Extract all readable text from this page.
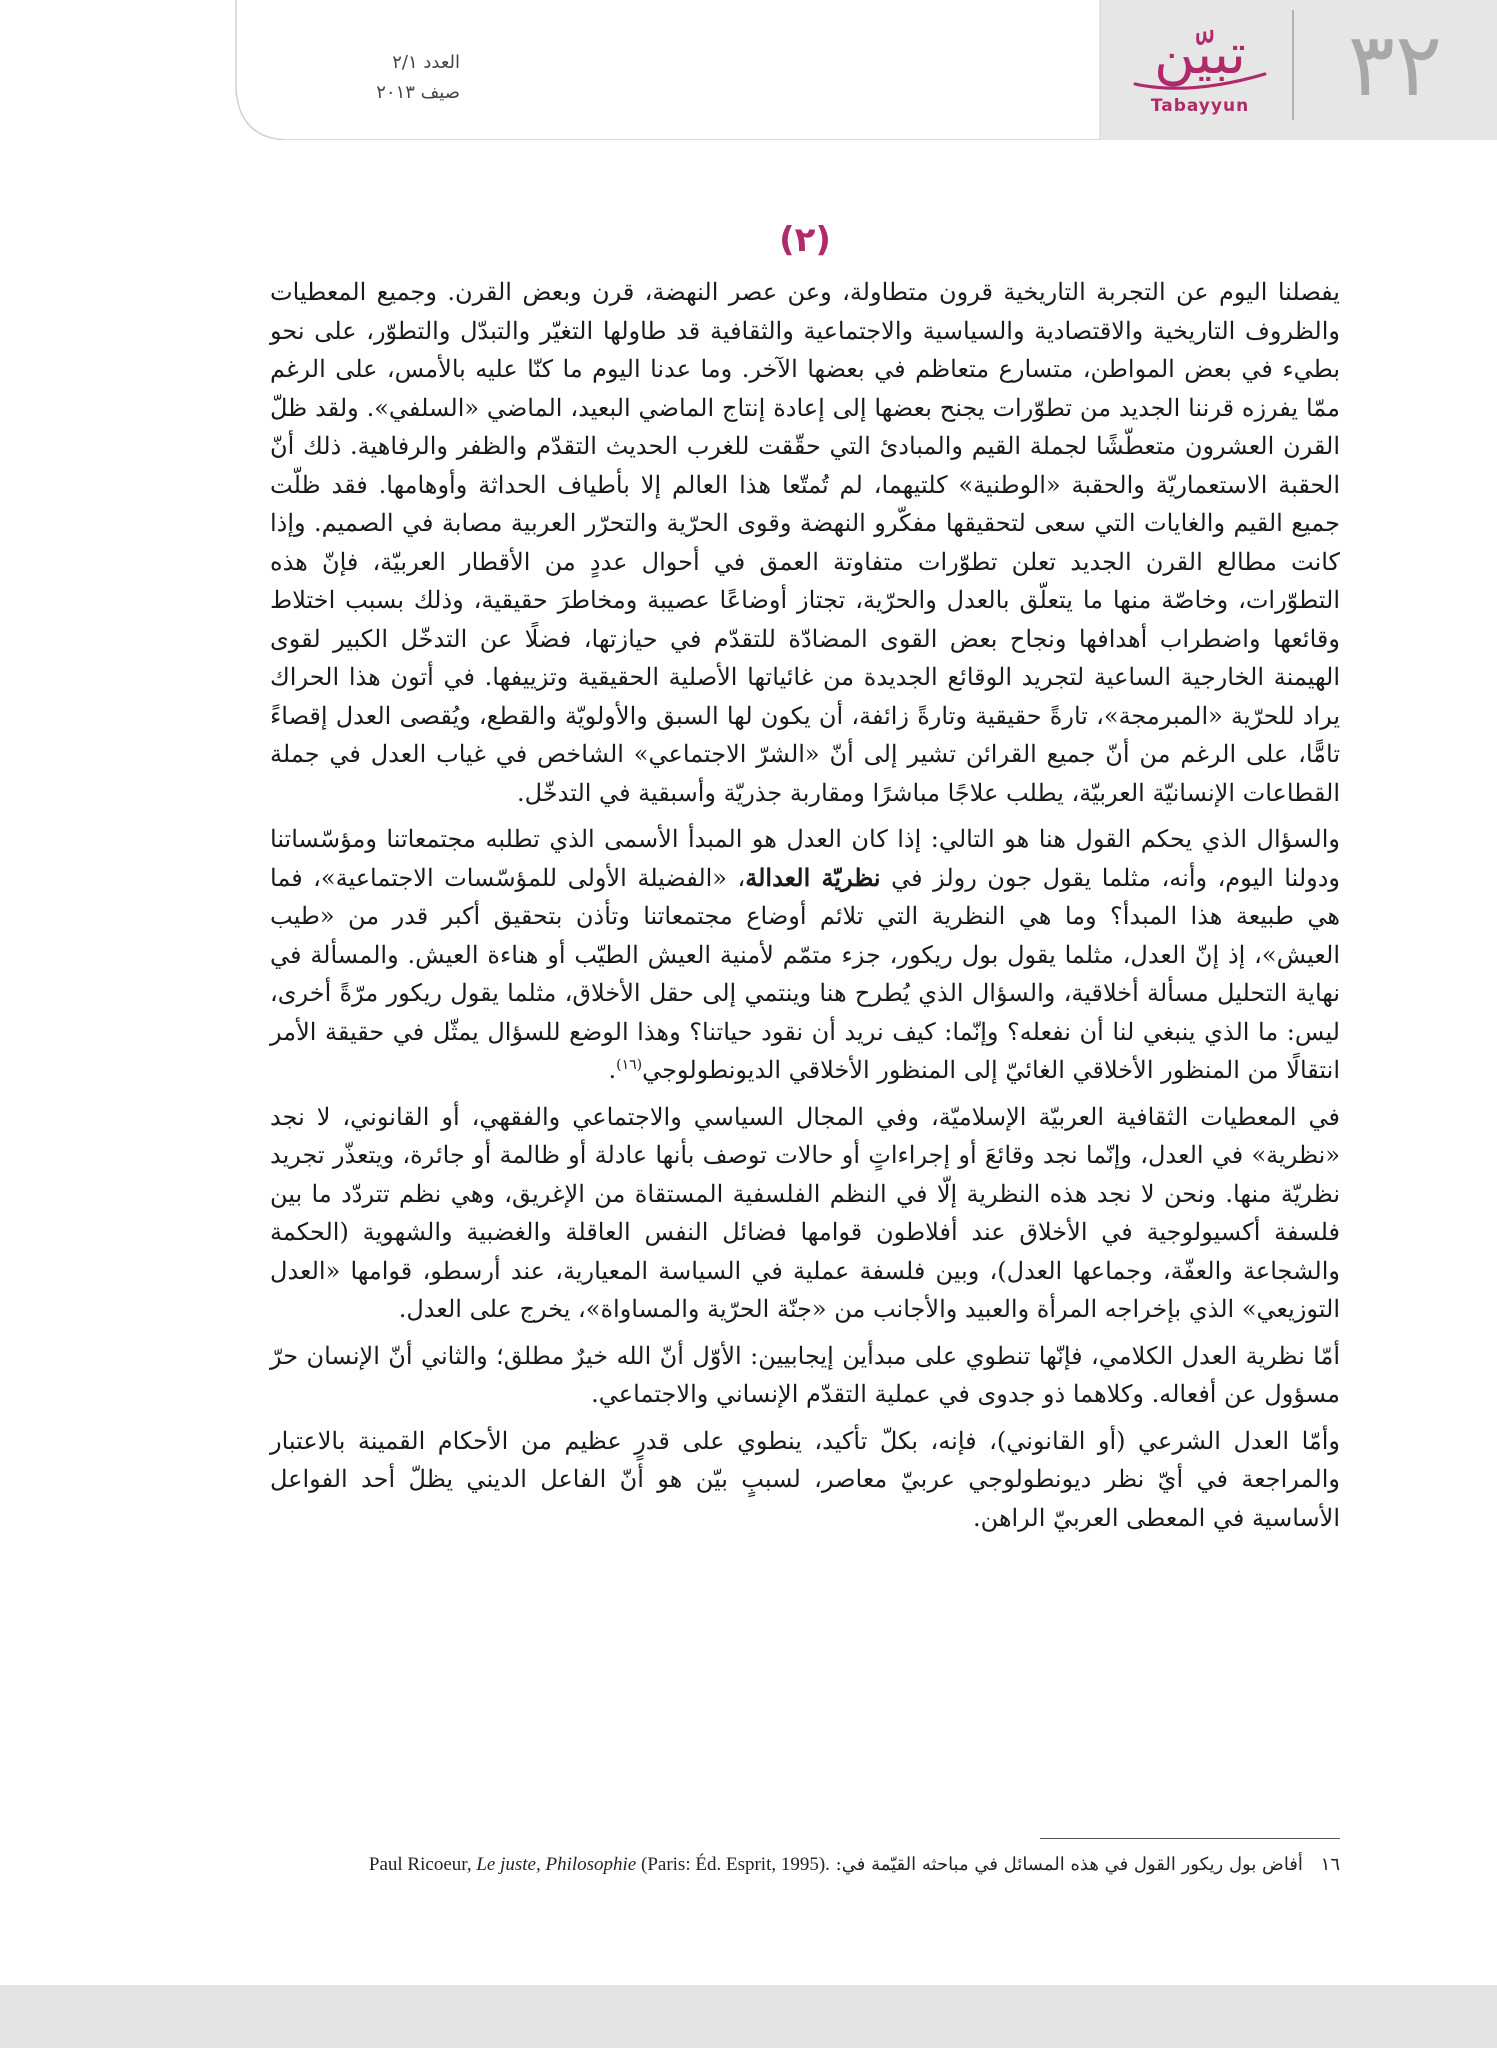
٣٢
تبيّن
Tabayyun
العدد ٢/١
صيف ٢٠١٣
(٢)

يفصلنا اليوم عن التجربة التاريخية قرون متطاولة، وعن عصر النهضة، قرن وبعض القرن. وجميع المعطيات والظروف التاريخية والاقتصادية والسياسية والاجتماعية والثقافية قد طاولها التغيّر والتبدّل والتطوّر، على نحو بطيء في بعض المواطن، متسارع متعاظم في بعضها الآخر. وما عدنا اليوم ما كنّا عليه بالأمس، على الرغم ممّا يفرزه قرننا الجديد من تطوّرات يجنح بعضها إلى إعادة إنتاج الماضي البعيد، الماضي «السلفي». ولقد ظلّ القرن العشرون متعطّشًا لجملة القيم والمبادئ التي حقّقت للغرب الحديث التقدّم والظفر والرفاهية. ذلك أنّ الحقبة الاستعماريّة والحقبة «الوطنية» كلتيهما، لم تُمتّعا هذا العالم إلا بأطياف الحداثة وأوهامها. فقد ظلّت جميع القيم والغايات التي سعى لتحقيقها مفكّرو النهضة وقوى الحرّية والتحرّر العربية مصابة في الصميم. وإذا كانت مطالع القرن الجديد تعلن تطوّرات متفاوتة العمق في أحوال عددٍ من الأقطار العربيّة، فإنّ هذه التطوّرات، وخاصّة منها ما يتعلّق بالعدل والحرّية، تجتاز أوضاعًا عصيبة ومخاطرَ حقيقية، وذلك بسبب اختلاط وقائعها واضطراب أهدافها ونجاح بعض القوى المضادّة للتقدّم في حيازتها، فضلًا عن التدخّل الكبير لقوى الهيمنة الخارجية الساعية لتجريد الوقائع الجديدة من غائياتها الأصلية الحقيقية وتزييفها. في أتون هذا الحراك يراد للحرّية «المبرمجة»، تارةً حقيقية وتارةً زائفة، أن يكون لها السبق والأولويّة والقطع، ويُقصى العدل إقصاءً تامًّا، على الرغم من أنّ جميع القرائن تشير إلى أنّ «الشرّ الاجتماعي» الشاخص في غياب العدل في جملة القطاعات الإنسانيّة العربيّة، يطلب علاجًا مباشرًا ومقاربة جذريّة وأسبقية في التدخّل.

والسؤال الذي يحكم القول هنا هو التالي: إذا كان العدل هو المبدأ الأسمى الذي تطلبه مجتمعاتنا ومؤسّساتنا ودولنا اليوم، وأنه، مثلما يقول جون رولز في نظريّة العدالة، «الفضيلة الأولى للمؤسّسات الاجتماعية»، فما هي طبيعة هذا المبدأ؟ وما هي النظرية التي تلائم أوضاع مجتمعاتنا وتأذن بتحقيق أكبر قدر من «طيب العيش»، إذ إنّ العدل، مثلما يقول بول ريكور، جزء متمّم لأمنية العيش الطيّب أو هناءة العيش. والمسألة في نهاية التحليل مسألة أخلاقية، والسؤال الذي يُطرح هنا وينتمي إلى حقل الأخلاق، مثلما يقول ريكور مرّةً أخرى، ليس: ما الذي ينبغي لنا أن نفعله؟ وإنّما: كيف نريد أن نقود حياتنا؟ وهذا الوضع للسؤال يمثّل في حقيقة الأمر انتقالًا من المنظور الأخلاقي الغائيّ إلى المنظور الأخلاقي الديونطولوجي$^{(١٦)}$.

في المعطيات الثقافية العربيّة الإسلاميّة، وفي المجال السياسي والاجتماعي والفقهي، أو القانوني، لا نجد «نظرية» في العدل، وإنّما نجد وقائعَ أو إجراءاتٍ أو حالات توصف بأنها عادلة أو ظالمة أو جائرة، ويتعذّر تجريد نظريّة منها. ونحن لا نجد هذه النظرية إلّا في النظم الفلسفية المستقاة من الإغريق، وهي نظم تتردّد ما بين فلسفة أكسيولوجية في الأخلاق عند أفلاطون قوامها فضائل النفس العاقلة والغضبية والشهوية (الحكمة والشجاعة والعفّة، وجماعها العدل)، وبين فلسفة عملية في السياسة المعيارية، عند أرسطو، قوامها «العدل التوزيعي» الذي بإخراجه المرأة والعبيد والأجانب من «جنّة الحرّية والمساواة»، يخرج على العدل.

أمّا نظرية العدل الكلامي، فإنّها تنطوي على مبدأين إيجابيين: الأوّل أنّ الله خيرٌ مطلق؛ والثاني أنّ الإنسان حرّ مسؤول عن أفعاله. وكلاهما ذو جدوى في عملية التقدّم الإنساني والاجتماعي.

وأمّا العدل الشرعي (أو القانوني)، فإنه، بكلّ تأكيد، ينطوي على قدرٍ عظيم من الأحكام القمينة بالاعتبار والمراجعة في أيّ نظر ديونطولوجي عربيّ معاصر، لسببٍ بيّن هو أنّ الفاعل الديني يظلّ أحد الفواعل الأساسية في المعطى العربيّ الراهن.

١٦ أفاض بول ريكور القول في هذه المسائل في مباحثه القيّمة في: Paul Ricoeur, Le juste, Philosophie (Paris: Éd. Esprit, 1995).
